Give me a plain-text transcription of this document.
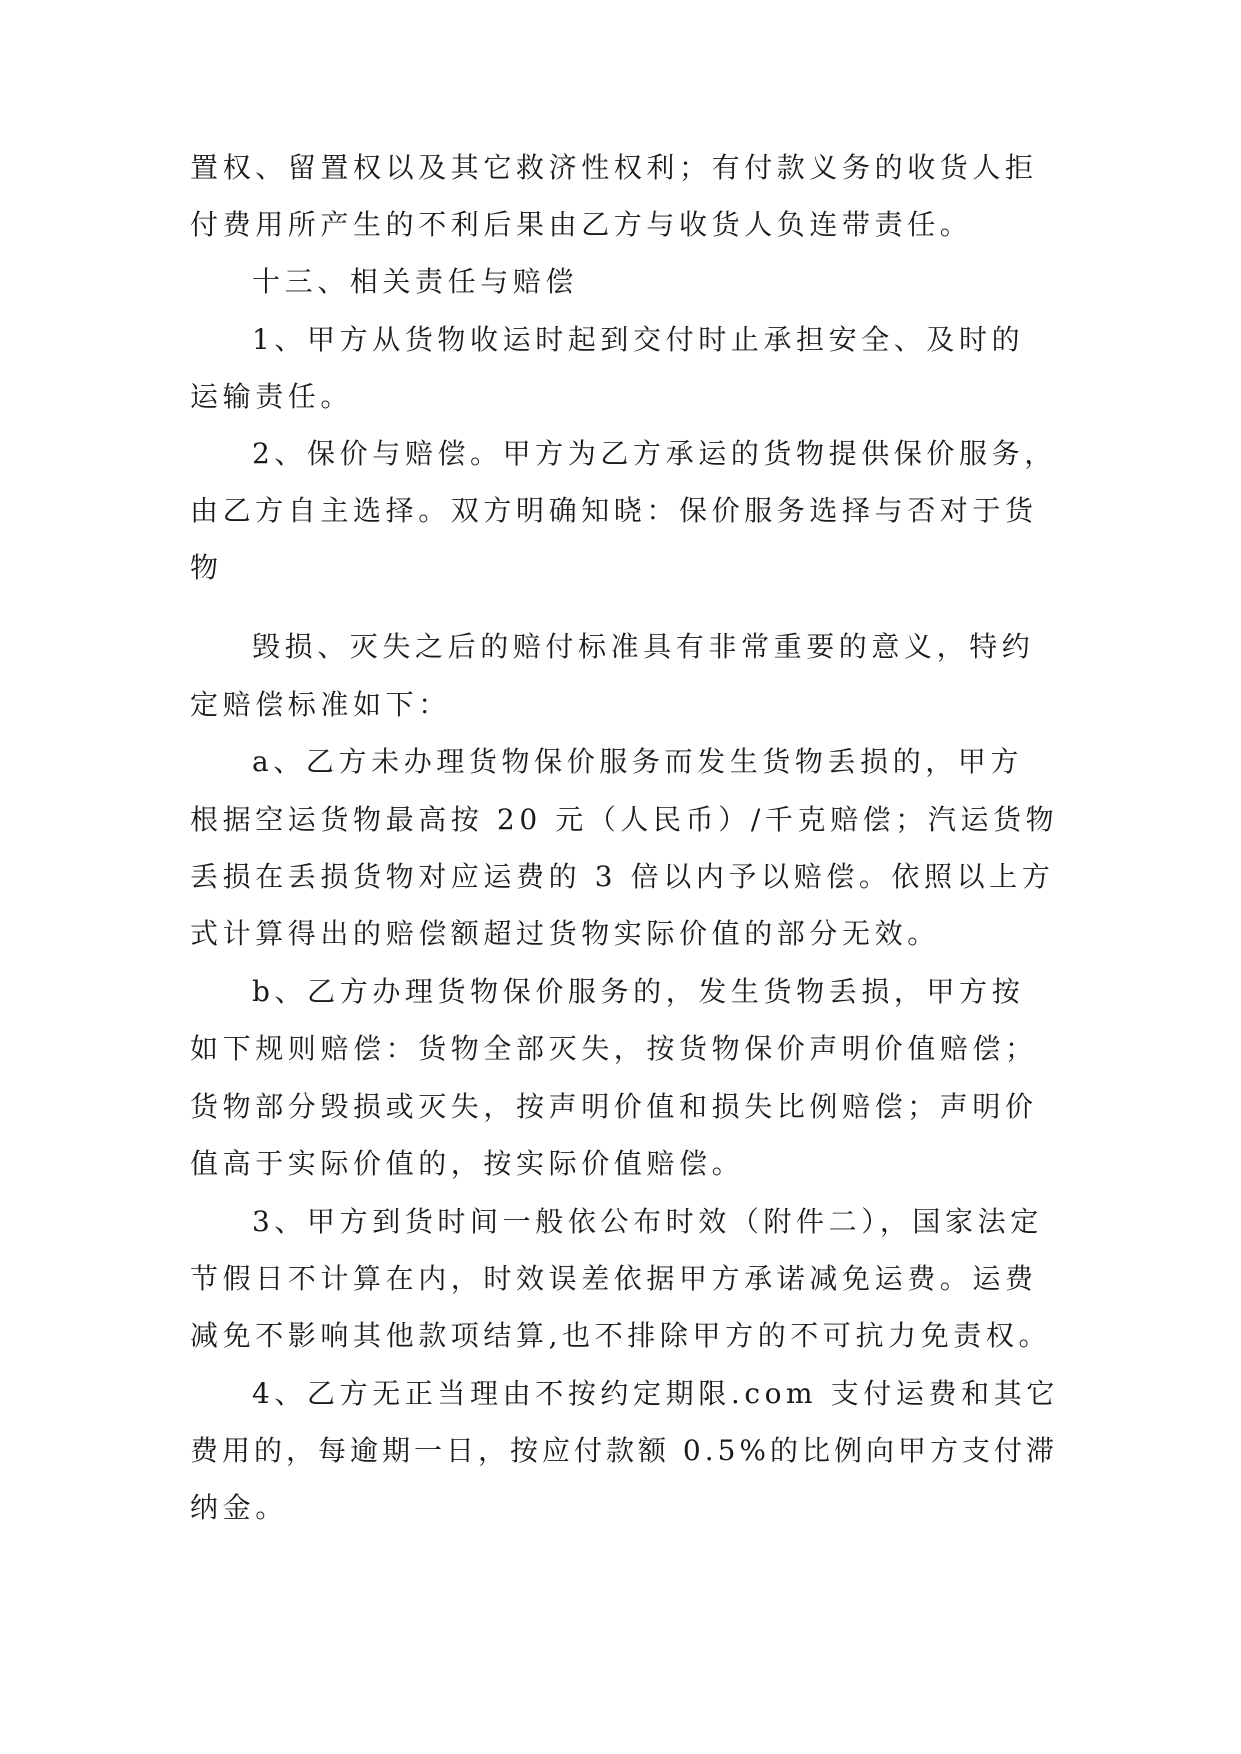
置权、留置权以及其它救济性权利；有付款义务的收货人拒

付费用所产生的不利后果由乙方与收货人负连带责任。

十三、相关责任与赔偿

1、甲方从货物收运时起到交付时止承担安全、及时的

运输责任。

2、保价与赔偿。甲方为乙方承运的货物提供保价服务，

由乙方自主选择。双方明确知晓：保价服务选择与否对于货

物

毁损、灭失之后的赔付标准具有非常重要的意义，特约

定赔偿标准如下：

a、乙方未办理货物保价服务而发生货物丢损的，甲方

根据空运货物最高按 20 元（人民币）/千克赔偿；汽运货物

丢损在丢损货物对应运费的 3 倍以内予以赔偿。依照以上方

式计算得出的赔偿额超过货物实际价值的部分无效。

b、乙方办理货物保价服务的，发生货物丢损，甲方按

如下规则赔偿：货物全部灭失，按货物保价声明价值赔偿；

货物部分毁损或灭失，按声明价值和损失比例赔偿；声明价

值高于实际价值的，按实际价值赔偿。

3、甲方到货时间一般依公布时效（附件二），国家法定

节假日不计算在内，时效误差依据甲方承诺减免运费。运费

减免不影响其他款项结算,也不排除甲方的不可抗力免责权。

4、乙方无正当理由不按约定期限.com 支付运费和其它

费用的，每逾期一日，按应付款额 0.5%的比例向甲方支付滞

纳金。
